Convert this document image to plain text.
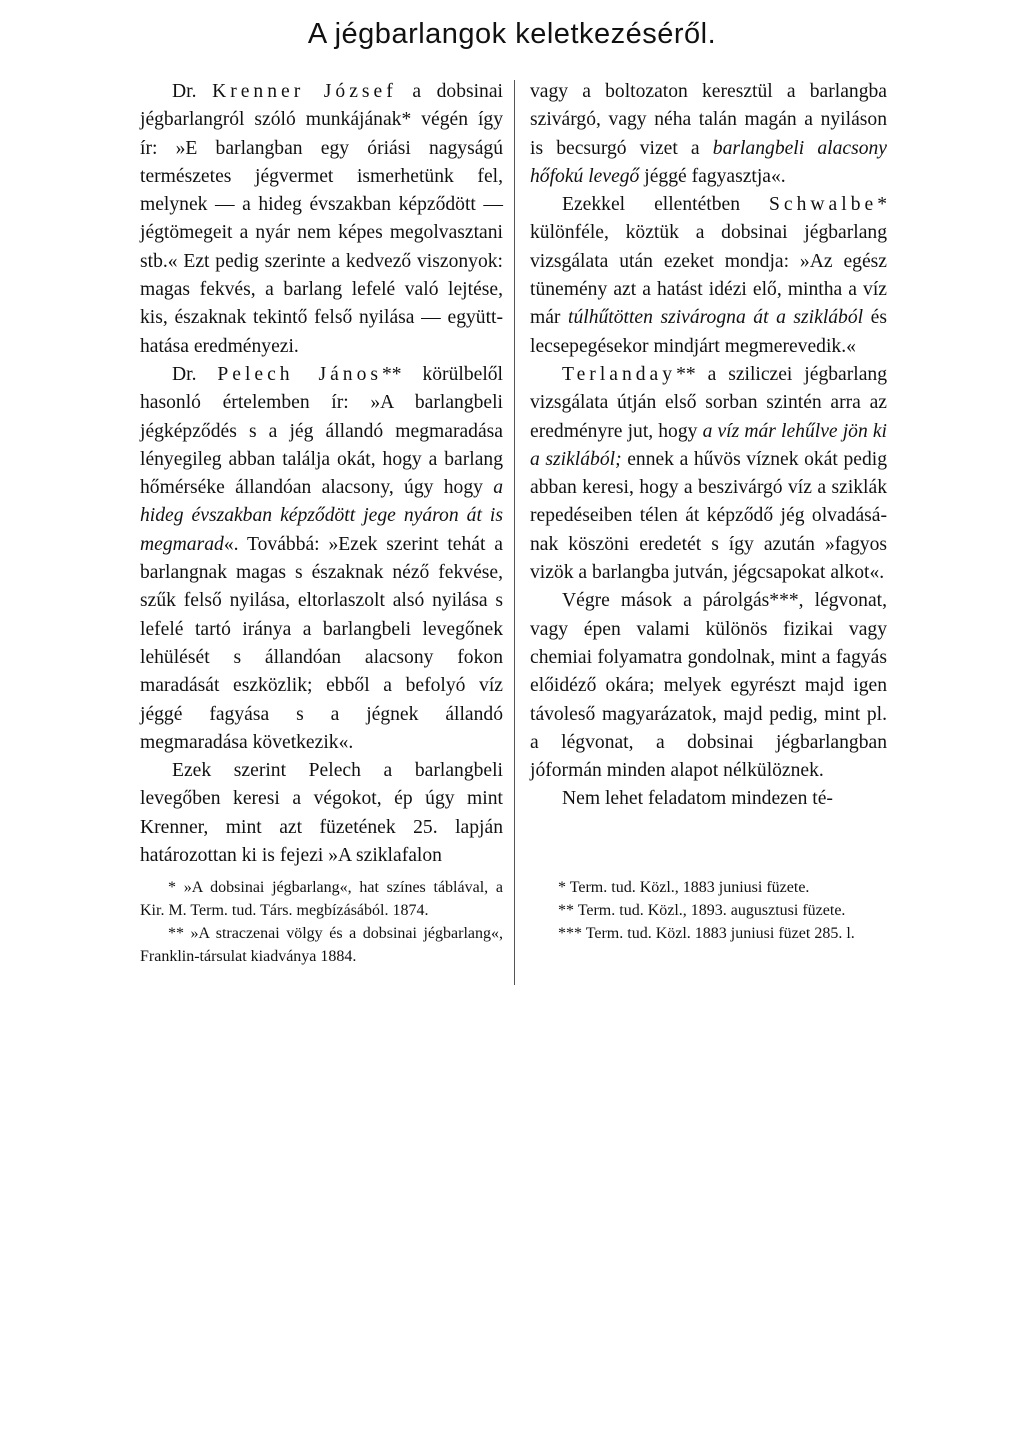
A jégbarlangok keletkezéséről.

Dr. Krenner József a dobsinai jégbarlangról szóló munkájának* végén így ír: »E barlangban egy óriási nagyságú természetes jégvermet ismerhetünk fel, melynek — a hideg évszakban képződött — jégtömegeit a nyár nem képes megolvasztani stb.« Ezt pedig szerinte a kedvező viszonyok: magas fekvés, a barlang lefelé való lejtése, kis, északnak tekintő felső nyilása — együtthatása eredményezi.

Dr. Pelech János** körülbelől hasonló értelemben ír: »A barlangbeli jégképződés s a jég állandó megmaradása lényegileg abban találja okát, hogy a barlang hőmérséke állandóan alacsony, úgy hogy a hideg évszakban képződött jege nyáron át is megmarad«. Továbbá: »Ezek szerint tehát a barlangnak magas s északnak néző fekvése, szűk felső nyilása, eltorlaszolt alsó nyilása s lefelé tartó iránya a barlangbeli levegőnek lehülését s állandóan alacsony fokon maradását eszközlik; ebből a befolyó víz jéggé fagyása s a jégnek állandó megmaradása következik«.

Ezek szerint Pelech a barlangbeli levegőben keresi a végokot, ép úgy mint Krenner, mint azt füzetének 25. lapján határozottan ki is fejezi »A sziklafalon

* »A dobsinai jégbarlang«, hat színes táblával, a Kir. M. Term. tud. Társ. megbízásából. 1874.

** »A straczenai völgy és a dobsinai jégbarlang«, Franklin-társulat kiadványa 1884.

vagy a boltozaton keresztül a barlangba szivárgó, vagy néha talán magán a nyiláson is becsurgó vizet a barlangbeli alacsony hőfokú levegő jéggé fagyasztja«.

Ezekkel ellentétben Schwalbe* különféle, köztük a dobsinai jégbarlang vizsgálata után ezeket mondja: »Az egész tünemény azt a hatást idézi elő, mintha a víz már túlhűtötten szivárogna át a sziklából és lecsepegésekor mindjárt megmerevedik.«

Terlanday** a sziliczei jégbarlang vizsgálata útján első sorban szintén arra az eredményre jut, hogy a víz már lehűlve jön ki a sziklából; ennek a hűvös víznek okát pedig abban keresi, hogy a beszivárgó víz a sziklák repedéseiben télen át képződő jég olvadásának köszöni eredetét s így azután »fagyos vizök a barlangba jutván, jégcsapokat alkot«.

Végre mások a párolgás***, légvonat, vagy épen valami különös fizikai vagy chemiai folyamatra gondolnak, mint a fagyás előidéző okára; melyek egyrészt majd igen távoleső magyarázatok, majd pedig, mint pl. a légvonat, a dobsinai jégbarlangban jóformán minden alapot nélkülöznek.

Nem lehet feladatom mindezen té-

* Term. tud. Közl., 1883 juniusi füzete.

** Term. tud. Közl., 1893. augusztusi füzete.

*** Term. tud. Közl. 1883 juniusi füzet 285. l.
